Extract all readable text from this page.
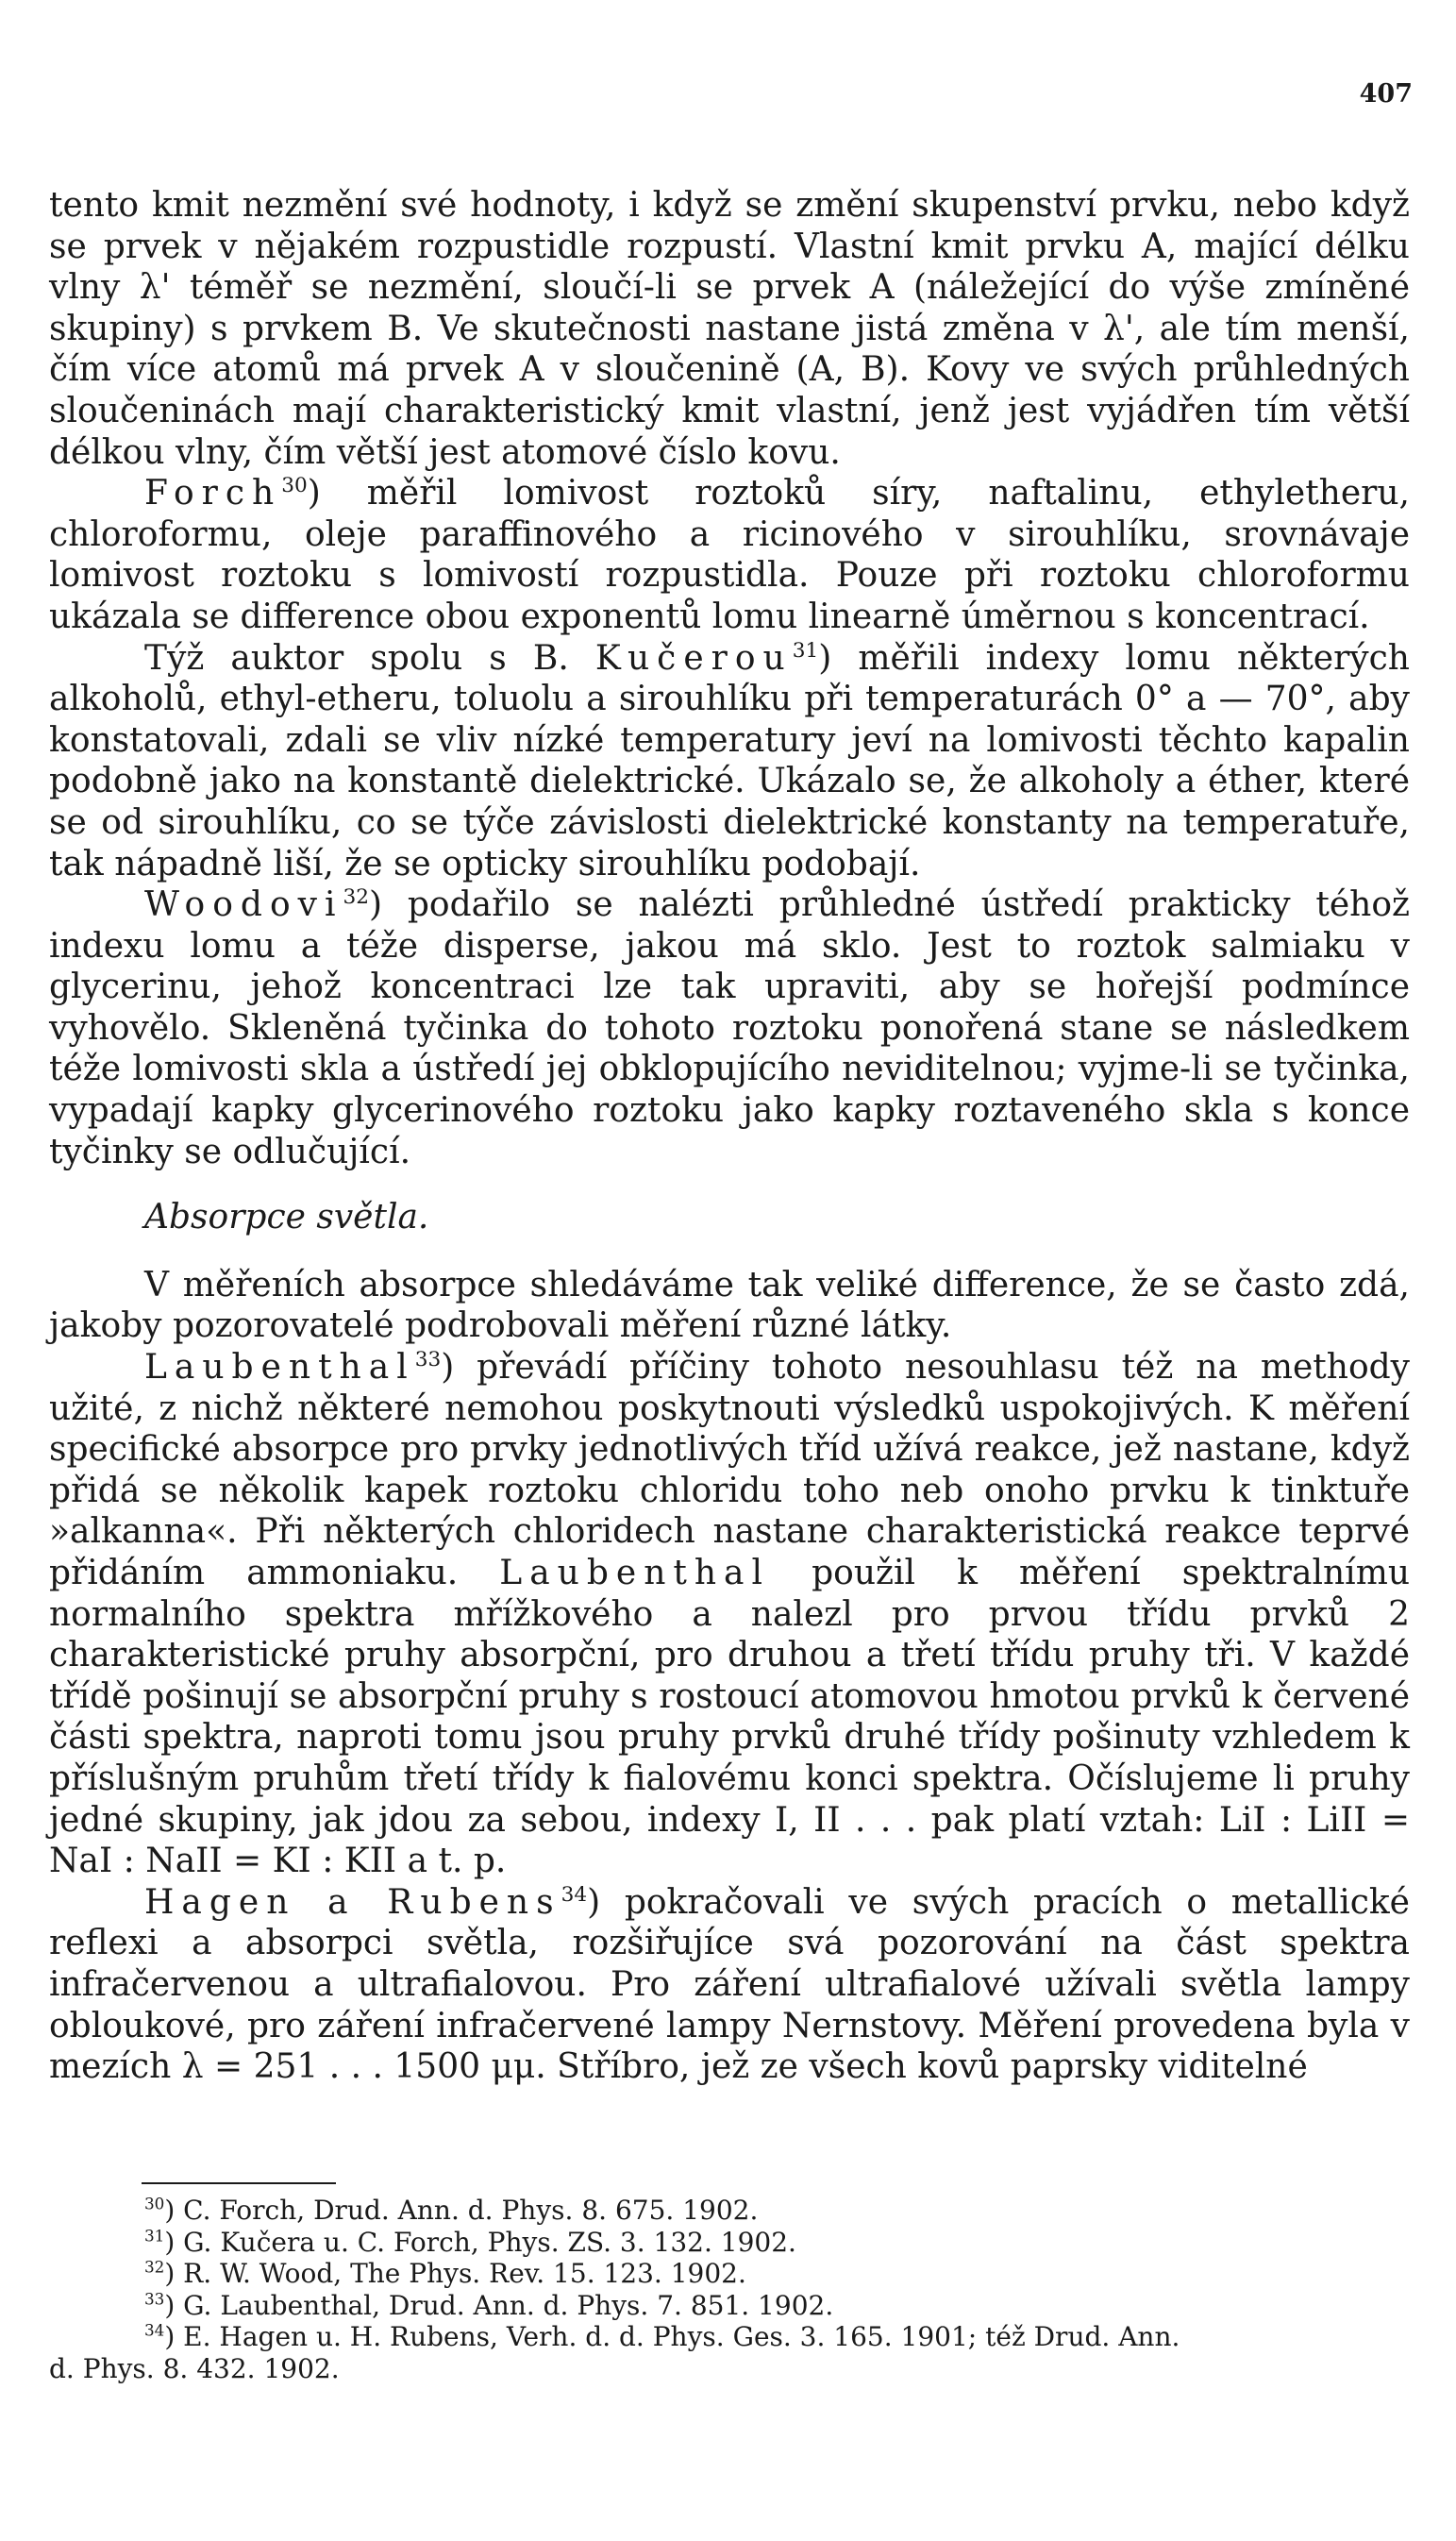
407

tento kmit nezmění své hodnoty, i když se změní skupenství prvku, nebo když se prvek v nějakém rozpustidle rozpustí. Vlastní kmit prvku A, mající délku vlny λ' téměř se nezmění, sloučí-li se prvek A (náležející do výše zmíněné skupiny) s prvkem B. Ve skutečnosti nastane jistá změna v λ', ale tím menší, čím více atomů má prvek A v sloučenině (A, B). Kovy ve svých průhledných sloučeninách mají charakteristický kmit vlastní, jenž jest vyjádřen tím větší délkou vlny, čím větší jest atomové číslo kovu.

Forch$^{30}$) měřil lomivost roztoků síry, naftalinu, ethyletheru, chloroformu, oleje paraffinového a ricinového v sirouhlíku, srovnávaje lomivost roztoku s lomivostí rozpustidla. Pouze při roztoku chloroformu ukázala se difference obou exponentů lomu linearně úměrnou s koncentrací.

Týž auktor spolu s B. Kučerou$^{31}$) měřili indexy lomu některých alkoholů, ethyl-etheru, toluolu a sirouhlíku při temperaturách 0° a — 70°, aby konstatovali, zdali se vliv nízké temperatury jeví na lomivosti těchto kapalin podobně jako na konstantě dielektrické. Ukázalo se, že alkoholy a éther, které se od sirouhlíku, co se týče závislosti dielektrické konstanty na temperatuře, tak nápadně liší, že se opticky sirouhlíku podobají.

Woodovi$^{32}$) podařilo se nalézti průhledné ústředí prakticky téhož indexu lomu a téže disperse, jakou má sklo. Jest to roztok salmiaku v glycerinu, jehož koncentraci lze tak upraviti, aby se hořejší podmínce vyhovělo. Skleněná tyčinka do tohoto roztoku ponořená stane se následkem téže lomivosti skla a ústředí jej obklopujícího neviditelnou; vyjme-li se tyčinka, vypadají kapky glycerinového roztoku jako kapky roztaveného skla s konce tyčinky se odlučující.

Absorpce světla.

V měřeních absorpce shledáváme tak veliké difference, že se často zdá, jakoby pozorovatelé podrobovali měření různé látky.

Laubenthal$^{33}$) převádí příčiny tohoto nesouhlasu též na methody užité, z nichž některé nemohou poskytnouti výsledků uspokojivých. K měření specifické absorpce pro prvky jednotlivých tříd užívá reakce, jež nastane, když přidá se několik kapek roztoku chloridu toho neb onoho prvku k tinktuře »alkanna«. Při některých chloridech nastane charakteristická reakce teprvé přidáním ammoniaku. Laubenthal použil k měření spektralnímu normalního spektra mřížkového a nalezl pro prvou třídu prvků 2 charakteristické pruhy absorpční, pro druhou a třetí třídu pruhy tři. V každé třídě pošinují se absorpční pruhy s rostoucí atomovou hmotou prvků k červené části spektra, naproti tomu jsou pruhy prvků druhé třídy pošinuty vzhledem k příslušným pruhům třetí třídy k fialovému konci spektra. Očíslujeme li pruhy jedné skupiny, jak jdou za sebou, indexy I, II . . . pak platí vztah: LiI : LiII = NaI : NaII = KI : KII a t. p.

Hagen a Rubens$^{34}$) pokračovali ve svých pracích o metallické reflexi a absorpci světla, rozšiřujíce svá pozorování na část spektra infračervenou a ultrafialovou. Pro záření ultrafialové užívali světla lampy obloukové, pro záření infračervené lampy Nernstovy. Měření provedena byla v mezích λ = 251 . . . 1500 μμ. Stříbro, jež ze všech kovů paprsky viditelné

$^{30}$) C. Forch, Drud. Ann. d. Phys. 8. 675. 1902.
$^{31}$) G. Kučera u. C. Forch, Phys. ZS. 3. 132. 1902.
$^{32}$) R. W. Wood, The Phys. Rev. 15. 123. 1902.
$^{33}$) G. Laubenthal, Drud. Ann. d. Phys. 7. 851. 1902.
$^{34}$) E. Hagen u. H. Rubens, Verh. d. d. Phys. Ges. 3. 165. 1901; též Drud. Ann.
d. Phys. 8. 432. 1902.
